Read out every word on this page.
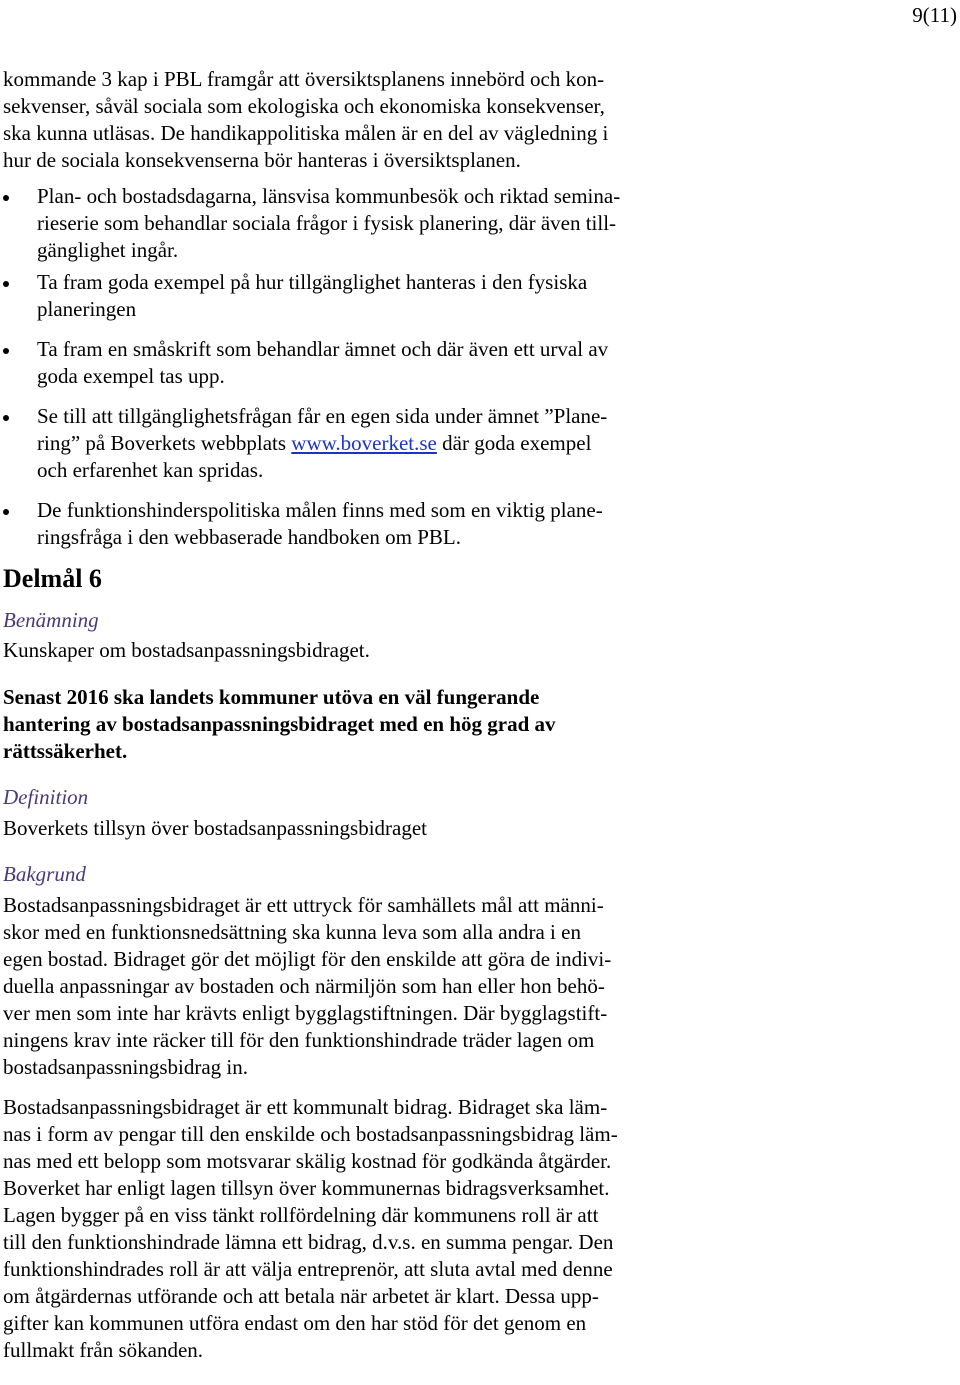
9(11)
kommande 3 kap i PBL framgår att översiktsplanens innebörd och kon-
sekvenser, såväl sociala som ekologiska och ekonomiska konsekvenser,
ska kunna utläsas. De handikappolitiska målen är en del av vägledning i
hur de sociala konsekvenserna bör hanteras i översiktsplanen.
Plan- och bostadsdagarna, länsvisa kommunbesök och riktad semina-
rieserie som behandlar sociala frågor i fysisk planering, där även till-
gänglighet ingår.
Ta fram goda exempel på hur tillgänglighet hanteras i den fysiska
planeringen
Ta fram en småskrift som behandlar ämnet och där även ett urval av
goda exempel tas upp.
Se till att tillgänglighetsfrågan får en egen sida under ämnet ”Plane-
ring” på Boverkets webbplats www.boverket.se där goda exempel
och erfarenhet kan spridas.
De funktionshinderspolitiska målen finns med som en viktig plane-
ringsfråga i den webbaserade handboken om PBL.
Delmål 6
Benämning
Kunskaper om bostadsanpassningsbidraget.
Senast 2016 ska landets kommuner utöva en väl fungerande
hantering av bostadsanpassningsbidraget med en hög grad av
rättssäkerhet.
Definition
Boverkets tillsyn över bostadsanpassningsbidraget
Bakgrund
Bostadsanpassningsbidraget är ett uttryck för samhällets mål att männi-
skor med en funktionsnedsättning ska kunna leva som alla andra i en
egen bostad. Bidraget gör det möjligt för den enskilde att göra de indivi-
duella anpassningar av bostaden och närmiljön som han eller hon behö-
ver men som inte har krävts enligt bygglagstiftningen. Där bygglagstift-
ningens krav inte räcker till för den funktionshindrade träder lagen om
bostadsanpassningsbidrag in.
Bostadsanpassningsbidraget är ett kommunalt bidrag. Bidraget ska läm-
nas i form av pengar till den enskilde och bostadsanpassningsbidrag läm-
nas med ett belopp som motsvarar skälig kostnad för godkända åtgärder.
Boverket har enligt lagen tillsyn över kommunernas bidragsverksamhet.
Lagen bygger på en viss tänkt rollfördelning där kommunens roll är att
till den funktionshindrade lämna ett bidrag, d.v.s. en summa pengar. Den
funktionshindrades roll är att välja entreprenör, att sluta avtal med denne
om åtgärdernas utförande och att betala när arbetet är klart. Dessa upp-
gifter kan kommunen utföra endast om den har stöd för det genom en
fullmakt från sökanden.
